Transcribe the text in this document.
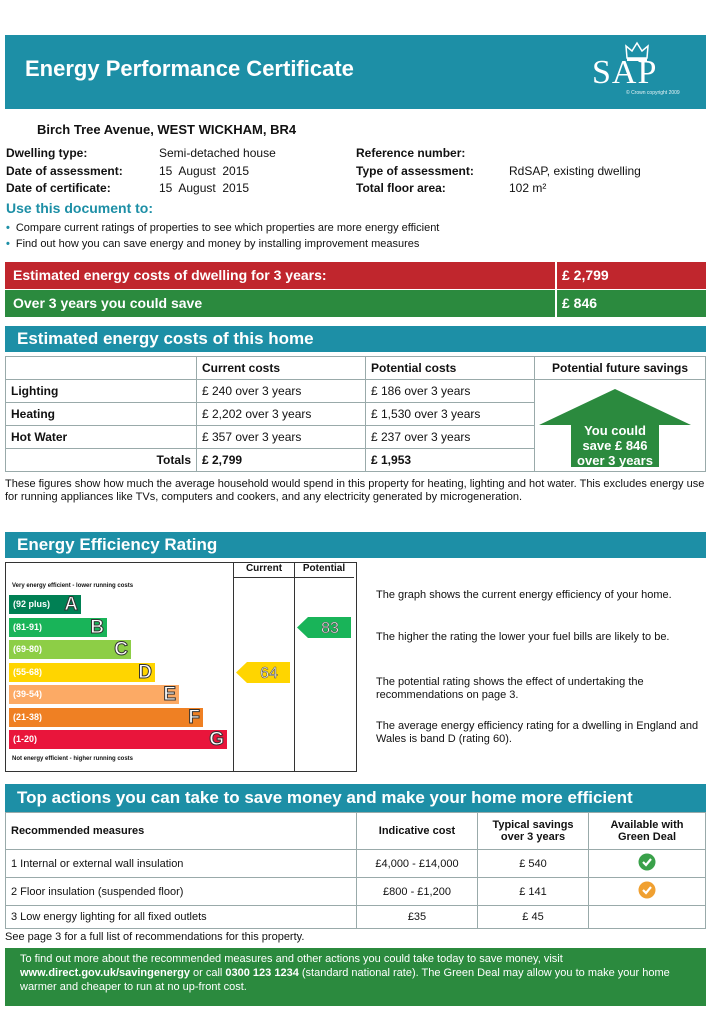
Energy Performance Certificate	SAP
© Crown copyright 2009
Birch Tree Avenue, WEST WICKHAM, BR4
Dwelling type:	Semi-detached house
Date of assessment:	15  August  2015
Date of certificate:	15  August  2015
Reference number:
Type of assessment:	RdSAP, existing dwelling
Total floor area:	102 m²
Use this document to:
• Compare current ratings of properties to see which properties are more energy efficient
• Find out how you can save energy and money by installing improvement measures
Estimated energy costs of dwelling for 3 years:	£ 2,799
Over 3 years you could save	£ 846
Estimated energy costs of this home
	Current costs	Potential costs	Potential future savings
Lighting	£ 240 over 3 years	£ 186 over 3 years	You could
save £ 846
over 3 years

Heating	£ 2,202 over 3 years	£ 1,530 over 3 years	
Hot Water	£ 357 over 3 years	£ 237 over 3 years	
Totals	£ 2,799	£ 1,953	
These figures show how much the average household would spend in this property for heating, lighting and hot water. This excludes energy use for running appliances like TVs, computers and cookers, and any electricity generated by microgeneration.
Energy Efficiency Rating
Very energy efficient - lower running costs
(92 plus) A
(81-91)	B
(69-80)	C
(55-68)	D
(39-54)	E
(21-38)	F
(1-20)	G
Not energy efficient - higher running costs
Current	Potential
64
83
The graph shows the current energy efficiency of your home.
The higher the rating the lower your fuel bills are likely to be.
The potential rating shows the effect of undertaking the recommendations on page 3.
The average energy efficiency rating for a dwelling in England and Wales is band D (rating 60).
Top actions you can take to save money and make your home more efficient
Recommended measures	Indicative cost	Typical savings over 3 years	Available with Green Deal
1 Internal or external wall insulation	£4,000 - £14,000	£ 540	
2 Floor insulation (suspended floor)	£800 - £1,200	£ 141	
3 Low energy lighting for all fixed outlets	£35	£ 45	
See page 3 for a full list of recommendations for this property.
To find out more about the recommended measures and other actions you could take today to save money, visit
www.direct.gov.uk/savingenergy or call 0300 123 1234 (standard national rate). The Green Deal may allow you to make your home warmer and cheaper to run at no up-front cost.
